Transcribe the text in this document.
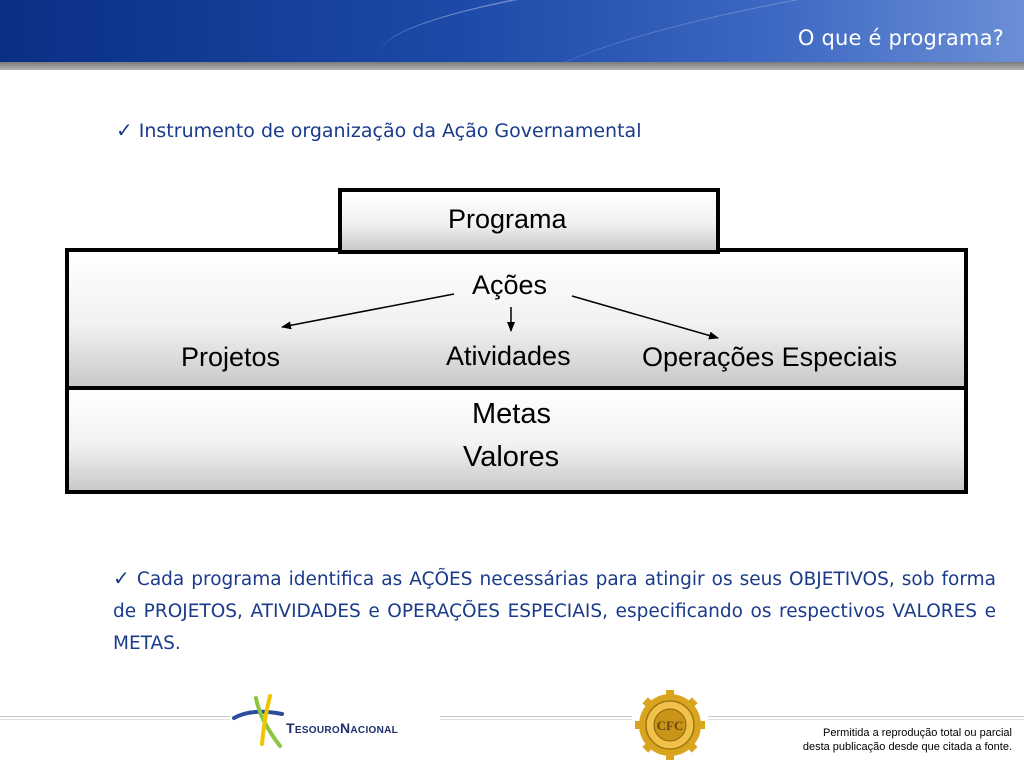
O que é programa?
✓ Instrumento de organização da Ação Governamental
Programa
Ações
Projetos	Atividades	Operações Especiais
Metas
Valores
✓ Cada programa identifica as AÇÕES necessárias para atingir os seus OBJETIVOS, sob forma de PROJETOS, ATIVIDADES e OPERAÇÕES ESPECIAIS, especificando os respectivos VALORES e METAS.
TesouroNacional	CFC	Permitida a reprodução total ou parcial
desta publicação desde que citada a fonte.
